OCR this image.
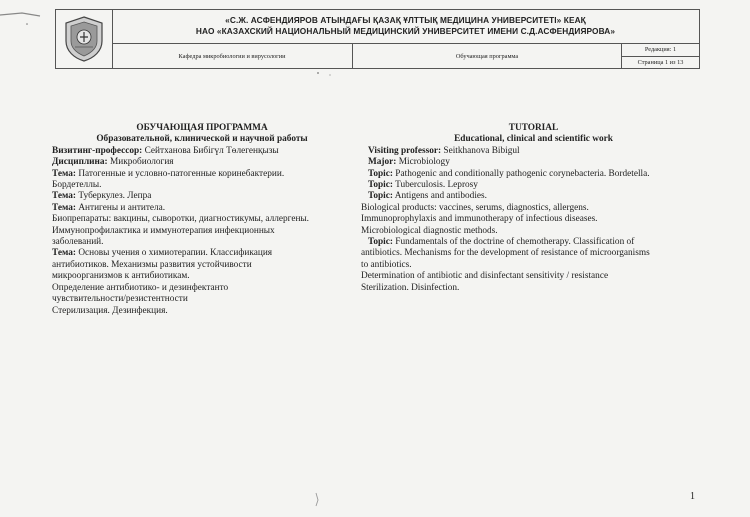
«С.Ж. АСФЕНДИЯРОВ АТЫНДАҒЫ ҚАЗАҚ ҰЛТТЫҚ МЕДИЦИНА УНИВЕРСИТЕТІ» КЕАҚ
НАО «КАЗАХСКИЙ НАЦИОНАЛЬНЫЙ МЕДИЦИНСКИЙ УНИВЕРСИТЕТ ИМЕНИ С.Д.АСФЕНДИЯРОВА»
Кафедра микробиологии и вирусологии	Обучающая программа
Редакция: 1
Страница 1 из 13

ОБУЧАЮЩАЯ ПРОГРАММА

Образовательной, клинической и научной работы

Визитинг-профессор: Сейтханова Бибігүл Төлегенқызы

Дисциплина: Микробиология

Тема: Патогенные и условно-патогенные коринебактерии.

Бордетеллы.

Тема: Туберкулез. Лепра

Тема: Антигены и антитела.

Биопрепараты: вакцины, сыворотки, диагностикумы, аллергены.

Иммунопрофилактика и иммунотерапия инфекционных

заболеваний.

Тема: Основы учения о химиотерапии. Классификация

антибиотиков. Механизмы развития устойчивости

микроорганизмов к антибиотикам.

Определение антибиотико- и дезинфектанто

чувствительности/резистентности

Стерилизация. Дезинфекция.

TUTORIAL

Educational, clinical and scientific work

Visiting professor: Seitkhanova Bibigul

Major: Microbiology

Topic: Pathogenic and conditionally pathogenic corynebacteria. Bordetella.

Topic: Tuberculosis. Leprosy

Topic: Antigens and antibodies.

Biological products: vaccines, serums, diagnostics, allergens.

Immunoprophylaxis and immunotherapy of infectious diseases.

Microbiological diagnostic methods.

Topic: Fundamentals of the doctrine of chemotherapy. Classification of

antibiotics. Mechanisms for the development of resistance of microorganisms

to antibiotics.

Determination of antibiotic and disinfectant sensitivity / resistance

Sterilization. Disinfection.

1
